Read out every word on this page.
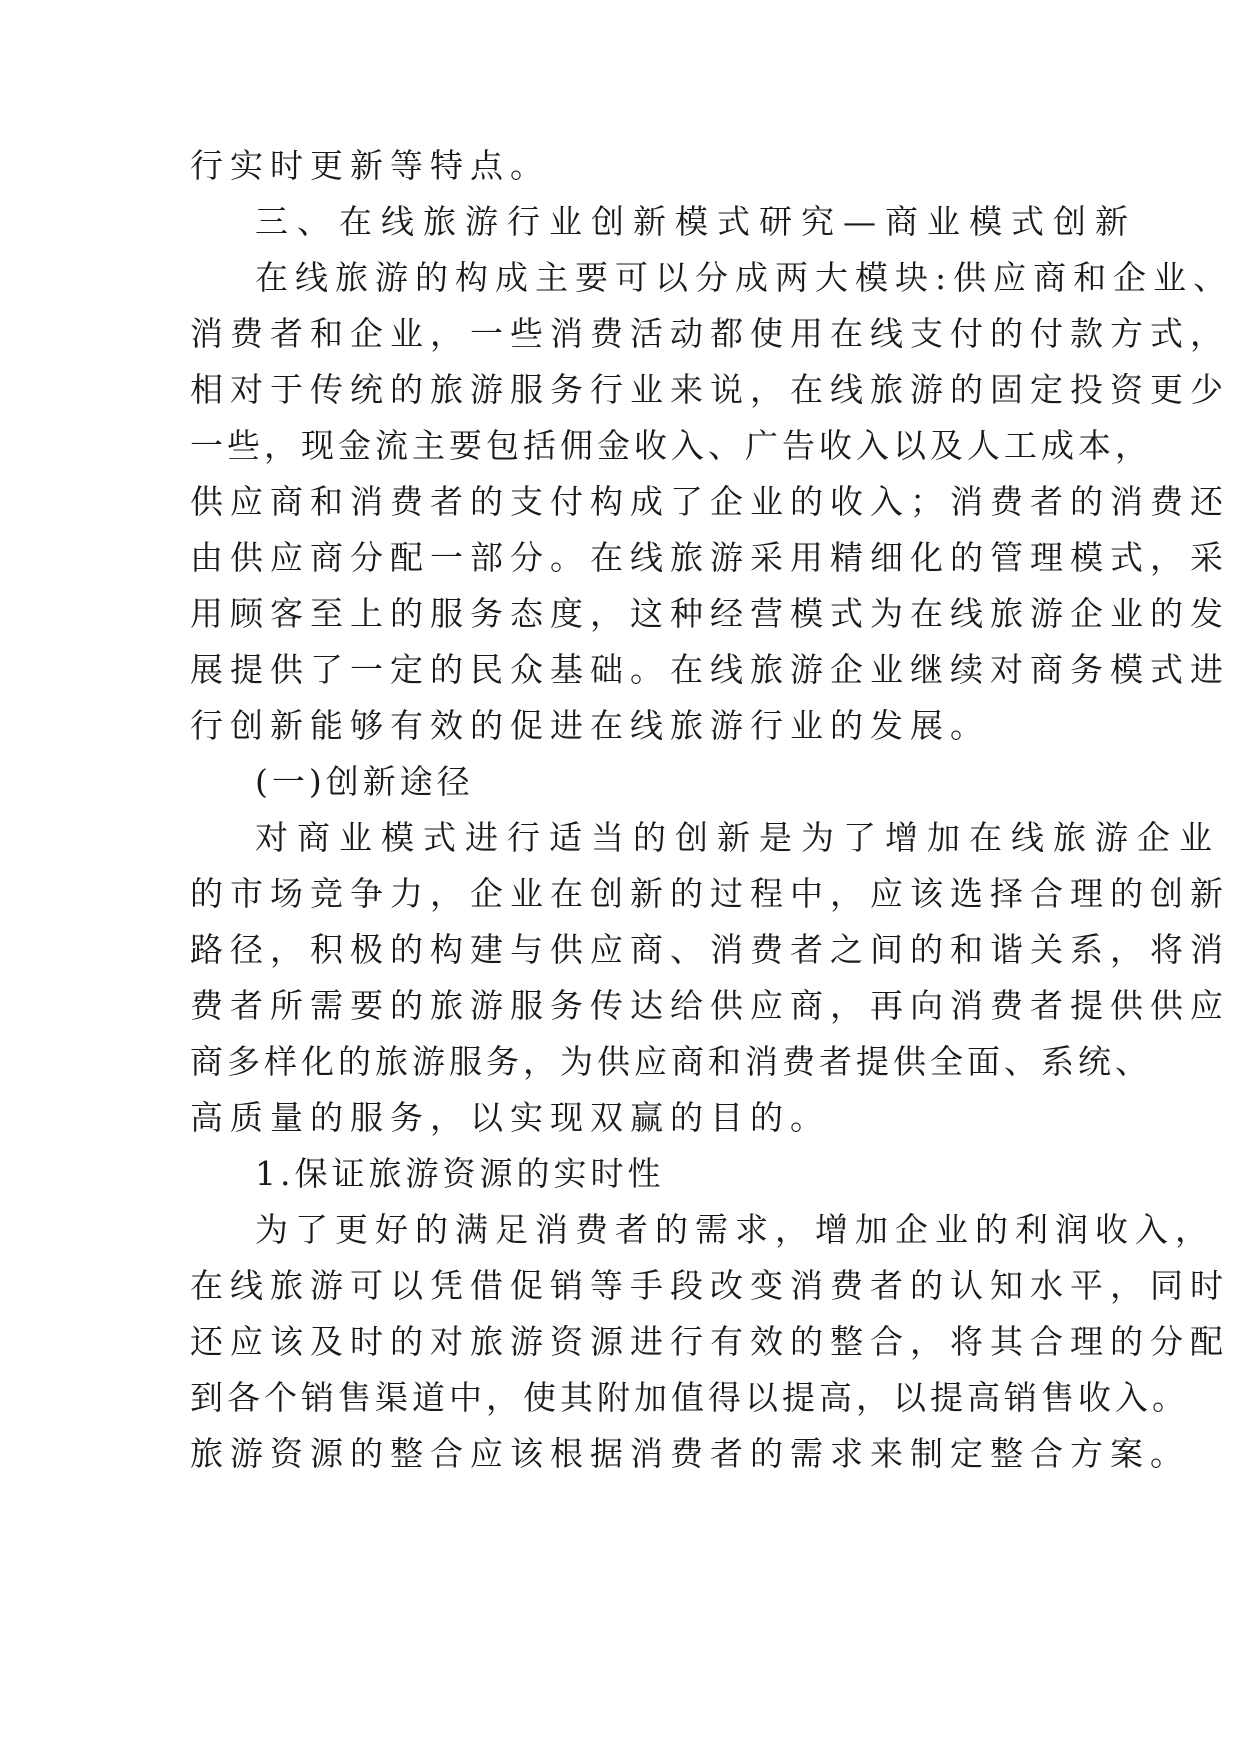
行实时更新等特点。
三、在线旅游行业创新模式研究—商业模式创新
在线旅游的构成主要可以分成两大模块:供应商和企业、
消费者和企业，一些消费活动都使用在线支付的付款方式，
相对于传统的旅游服务行业来说，在线旅游的固定投资更少
一些，现金流主要包括佣金收入、广告收入以及人工成本，
供应商和消费者的支付构成了企业的收入；消费者的消费还
由供应商分配一部分。在线旅游采用精细化的管理模式，采
用顾客至上的服务态度，这种经营模式为在线旅游企业的发
展提供了一定的民众基础。在线旅游企业继续对商务模式进
行创新能够有效的促进在线旅游行业的发展。
(一)创新途径
对商业模式进行适当的创新是为了增加在线旅游企业
的市场竞争力，企业在创新的过程中，应该选择合理的创新
路径，积极的构建与供应商、消费者之间的和谐关系，将消
费者所需要的旅游服务传达给供应商，再向消费者提供供应
商多样化的旅游服务，为供应商和消费者提供全面、系统、
高质量的服务，以实现双赢的目的。
1.保证旅游资源的实时性
为了更好的满足消费者的需求，增加企业的利润收入，
在线旅游可以凭借促销等手段改变消费者的认知水平，同时
还应该及时的对旅游资源进行有效的整合，将其合理的分配
到各个销售渠道中，使其附加值得以提高，以提高销售收入。
旅游资源的整合应该根据消费者的需求来制定整合方案。
